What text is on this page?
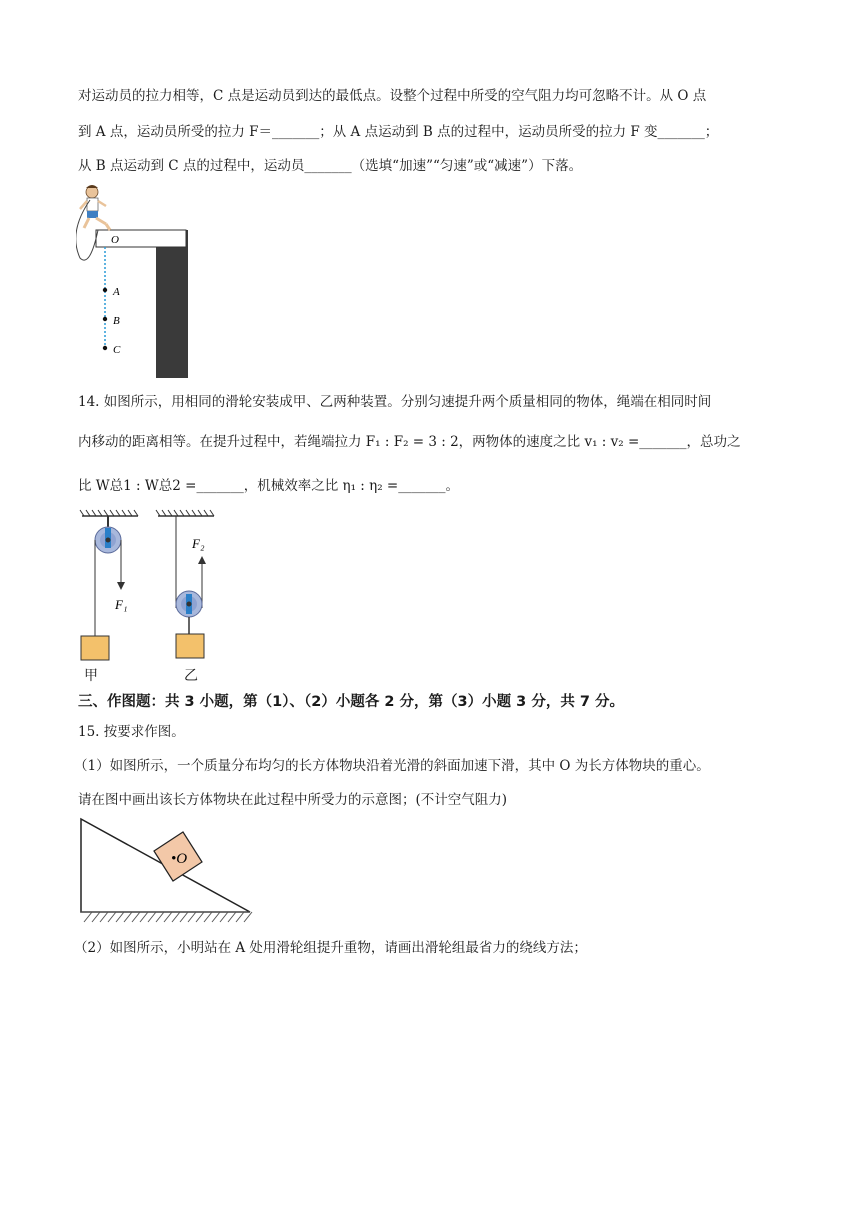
对运动员的拉力相等，C 点是运动员到达的最低点。设整个过程中所受的空气阻力均可忽略不计。从 O 点
到 A 点，运动员所受的拉力 F＝_______；从 A 点运动到 B 点的过程中，运动员所受的拉力 F 变_______；
从 B 点运动到 C 点的过程中，运动员_______（选填“加速”“匀速”或“减速”）下落。
O
A
B
C
14. 如图所示，用相同的滑轮安装成甲、乙两种装置。分别匀速提升两个质量相同的物体，绳端在相同时间
内移动的距离相等。在提升过程中，若绳端拉力 F₁ : F₂ = 3 : 2，两物体的速度之比 v₁ : v₂ =_______，总功之
比 W总1 : W总2 =_______，机械效率之比 η₁ : η₂ =_______。
F₁
F₂
甲	乙
三、作图题：共 3 小题，第（1）、（2）小题各 2 分，第（3）小题 3 分，共 7 分。
15. 按要求作图。
（1）如图所示，一个质量分布均匀的长方体物块沿着光滑的斜面加速下滑，其中 O 为长方体物块的重心。
请在图中画出该长方体物块在此过程中所受力的示意图；(不计空气阻力)
•O
（2）如图所示，小明站在 A 处用滑轮组提升重物，请画出滑轮组最省力的绕线方法；
